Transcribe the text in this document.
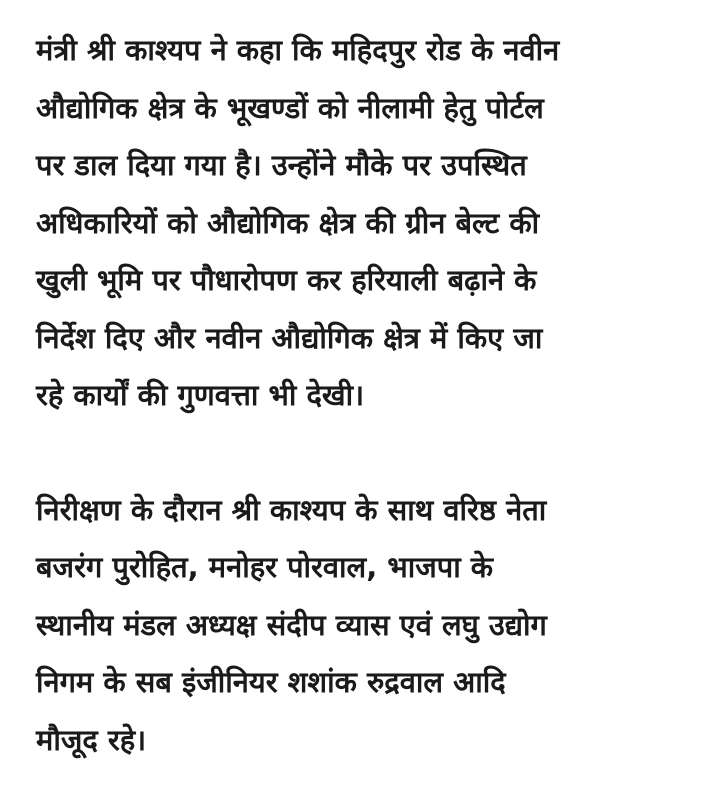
मंत्री श्री काश्यप ने कहा कि महिदपुर रोड के नवीन
औद्योगिक क्षेत्र के भूखण्डों को नीलामी हेतु पोर्टल
पर डाल दिया गया है। उन्होंने मौके पर उपस्थित
अधिकारियों को औद्योगिक क्षेत्र की ग्रीन बेल्ट की
खुली भूमि पर पौधारोपण कर हरियाली बढ़ाने के
निर्देश दिए और नवीन औद्योगिक क्षेत्र में किए जा
रहे कार्यों की गुणवत्ता भी देखी।
निरीक्षण के दौरान श्री काश्यप के साथ वरिष्ठ नेता
बजरंग पुरोहित, मनोहर पोरवाल, भाजपा के
स्थानीय मंडल अध्यक्ष संदीप व्यास एवं लघु उद्योग
निगम के सब इंजीनियर शशांक रुद्रवाल आदि
मौजूद रहे।
